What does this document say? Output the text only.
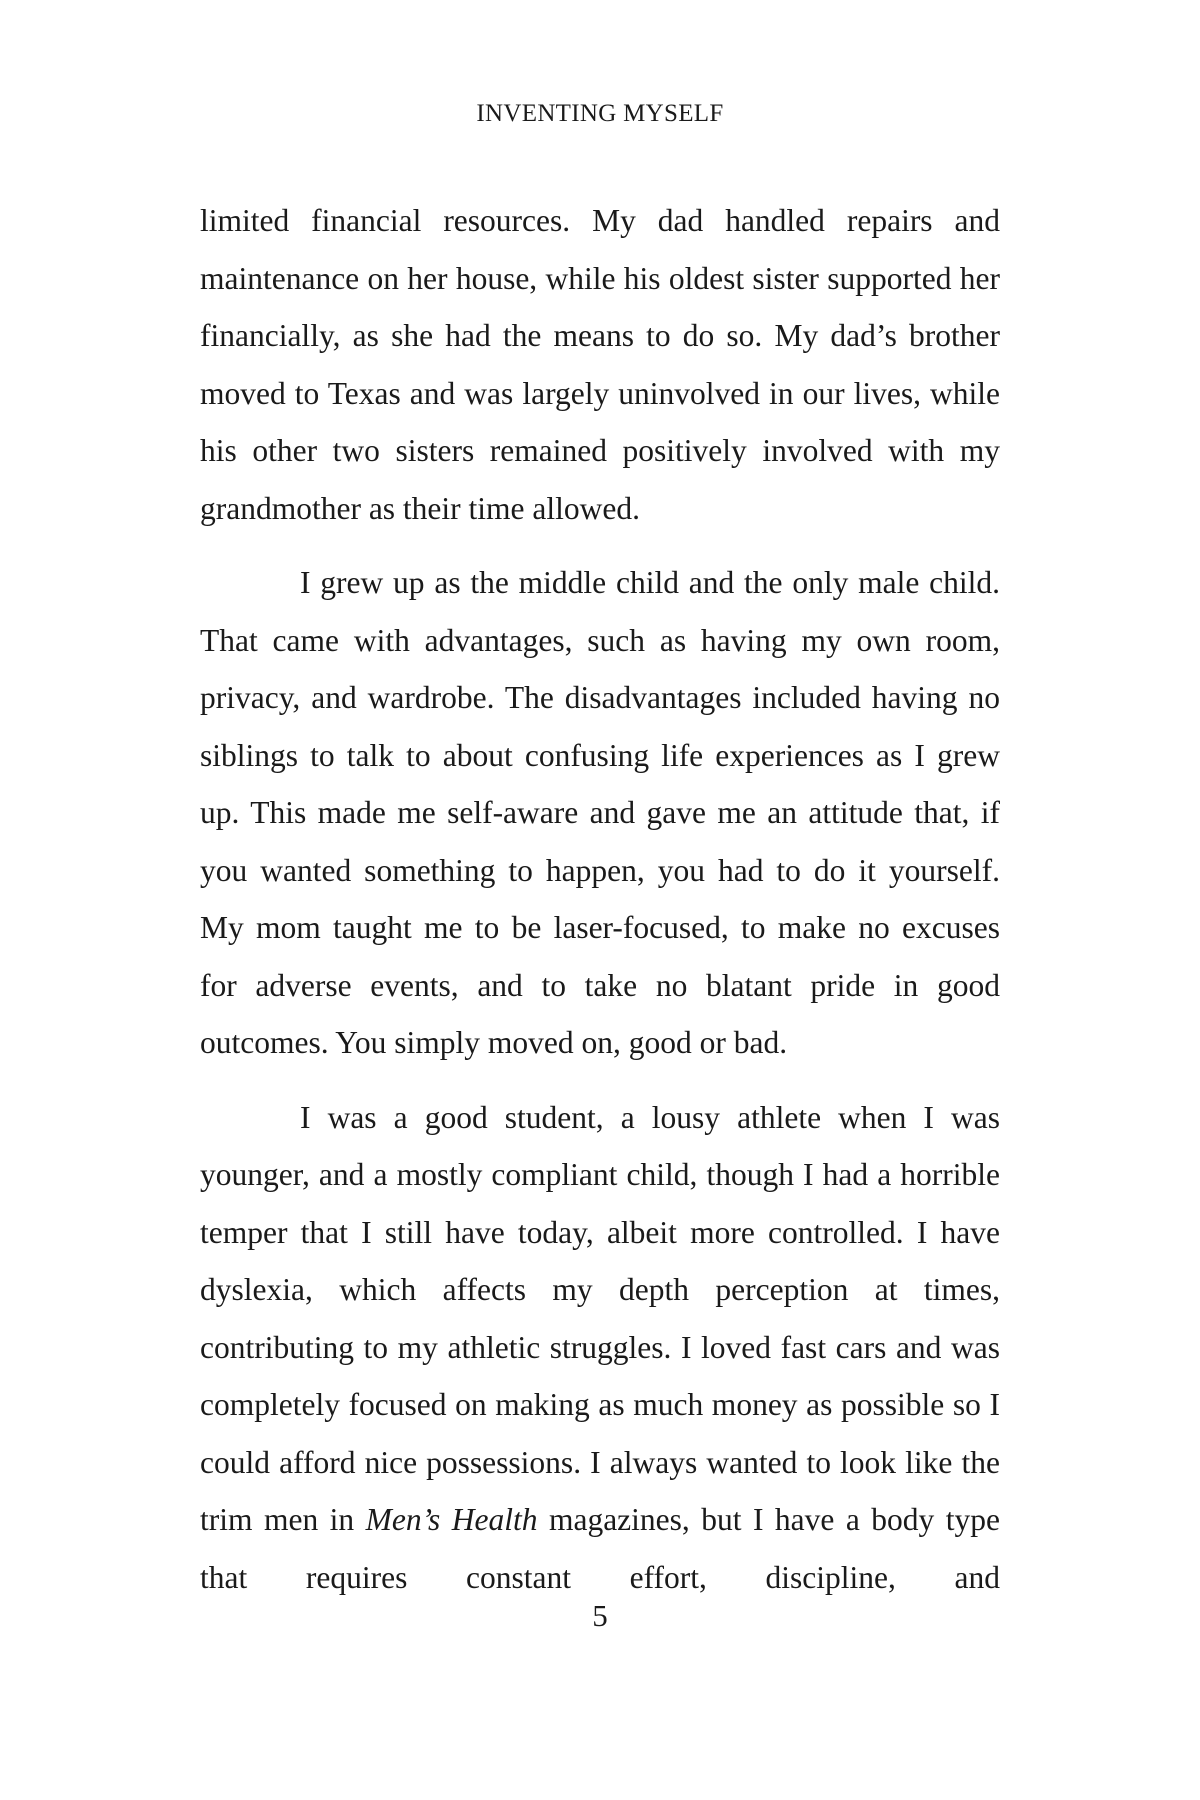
INVENTING MYSELF

limited financial resources. My dad handled repairs and maintenance on her house, while his oldest sister supported her financially, as she had the means to do so. My dad’s brother moved to Texas and was largely uninvolved in our lives, while his other two sisters remained positively involved with my grandmother as their time allowed.

I grew up as the middle child and the only male child. That came with advantages, such as having my own room, privacy, and wardrobe. The disadvantages included having no siblings to talk to about confusing life experiences as I grew up. This made me self-aware and gave me an attitude that, if you wanted something to happen, you had to do it yourself. My mom taught me to be laser-focused, to make no excuses for adverse events, and to take no blatant pride in good outcomes. You simply moved on, good or bad.

I was a good student, a lousy athlete when I was younger, and a mostly compliant child, though I had a horrible temper that I still have today, albeit more controlled. I have dyslexia, which affects my depth perception at times, contributing to my athletic struggles. I loved fast cars and was completely focused on making as much money as possible so I could afford nice possessions. I always wanted to look like the trim men in Men’s Health magazines, but I have a body type that requires constant effort, discipline, and

5
